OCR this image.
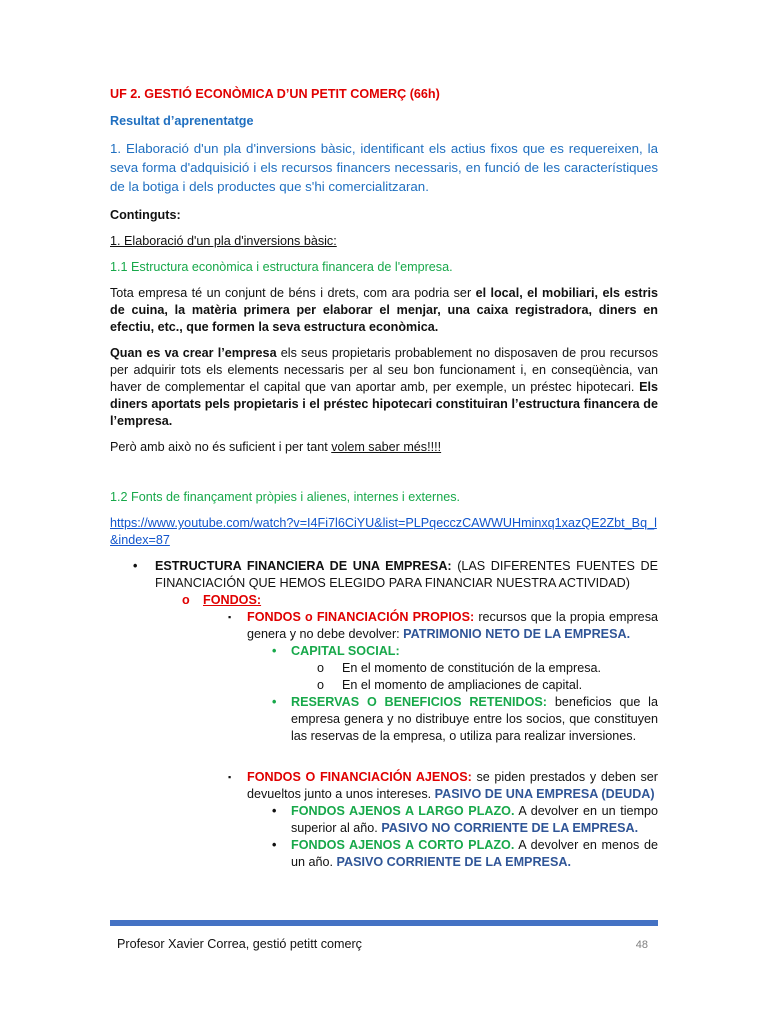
UF 2. GESTIÓ ECONÒMICA D’UN PETIT COMERÇ (66h)

Resultat d’aprenentatge

1. Elaboració d'un pla d'inversions bàsic, identificant els actius fixos que es requereixen, la seva forma d'adquisició i els recursos financers necessaris, en funció de les característiques de la botiga i dels productes que s'hi comercialitzaran.

Continguts:

1. Elaboració d'un pla d'inversions bàsic:

1.1 Estructura econòmica i estructura financera de l'empresa.

Tota empresa té un conjunt de béns i drets, com ara podria ser el local, el mobiliari, els estris de cuina, la matèria primera per elaborar el menjar, una caixa registradora, diners en efectiu, etc., que formen la seva estructura econòmica.

Quan es va crear l’empresa els seus propietaris probablement no disposaven de prou recursos per adquirir tots els elements necessaris per al seu bon funcionament i, en conseqüència, van haver de complementar el capital que van aportar amb, per exemple, un préstec hipotecari. Els diners aportats pels propietaris i el préstec hipotecari constituiran l’estructura financera de l’empresa.

Però amb això no és suficient i per tant volem saber més!!!!

1.2 Fonts de finançament pròpies i alienes, internes i externes.

https://www.youtube.com/watch?v=I4Fi7l6CiYU&list=PLPqecczCAWWUHminxq1xazQE2Zbt_Bq_l&index=87

• ESTRUCTURA FINANCIERA DE UNA EMPRESA: (LAS DIFERENTES FUENTES DE FINANCIACIÓN QUE HEMOS ELEGIDO PARA FINANCIAR NUESTRA ACTIVIDAD)
o FONDOS:
▪ FONDOS o FINANCIACIÓN PROPIOS: recursos que la propia empresa genera y no debe devolver: PATRIMONIO NETO DE LA EMPRESA.
• CAPITAL SOCIAL:
o En el momento de constitución de la empresa.
o En el momento de ampliaciones de capital.
• RESERVAS O BENEFICIOS RETENIDOS: beneficios que la empresa genera y no distribuye entre los socios, que constituyen las reservas de la empresa, o utiliza para realizar inversiones.
▪ FONDOS O FINANCIACIÓN AJENOS: se piden prestados y deben ser devueltos junto a unos intereses. PASIVO DE UNA EMPRESA (DEUDA)
• FONDOS AJENOS A LARGO PLAZO. A devolver en un tiempo superior al año. PASIVO NO CORRIENTE DE LA EMPRESA.
• FONDOS AJENOS A CORTO PLAZO. A devolver en menos de un año. PASIVO CORRIENTE DE LA EMPRESA.
Profesor Xavier Correa, gestió petitt comerç	48
